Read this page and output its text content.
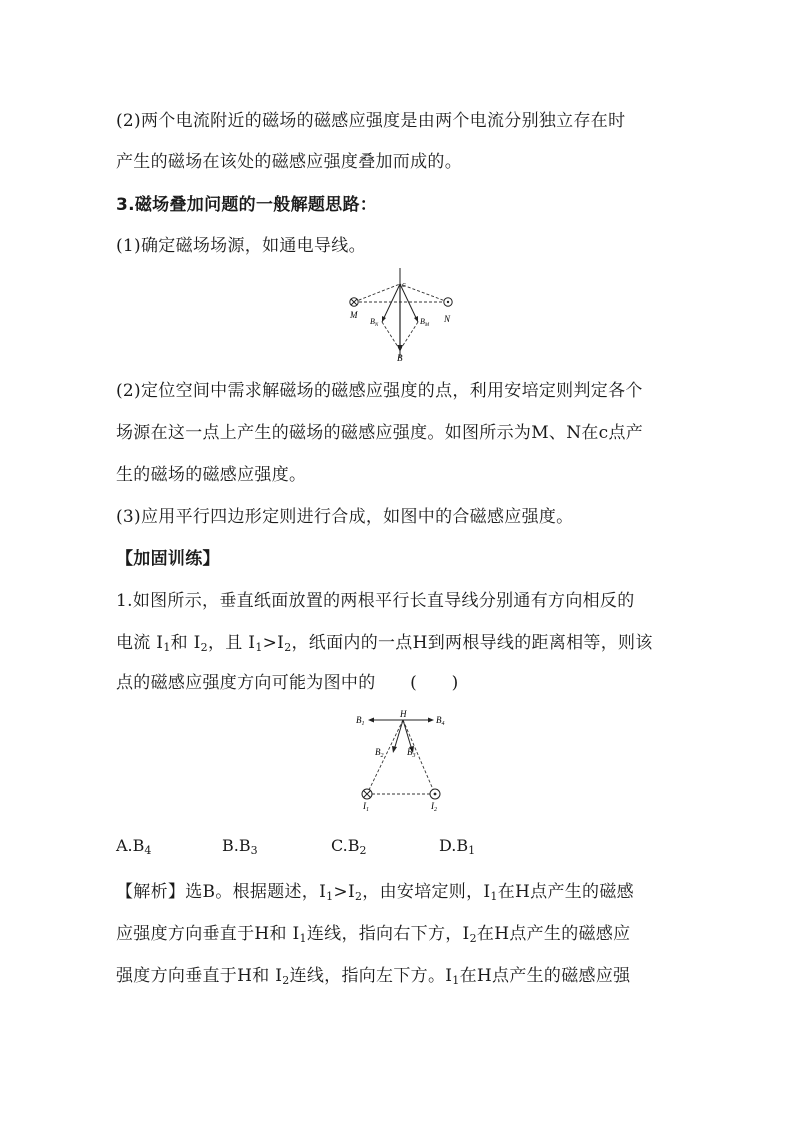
(2)两个电流附近的磁场的磁感应强度是由两个电流分别独立存在时
产生的磁场在该处的磁感应强度叠加而成的。
3.磁场叠加问题的一般解题思路：
(1)确定磁场场源，如通电导线。
c
M	N
B
$B_N$	$B_M$
(2)定位空间中需求解磁场的磁感应强度的点，利用安培定则判定各个
场源在这一点上产生的磁场的磁感应强度。如图所示为M、N在c点产
生的磁场的磁感应强度。
(3)应用平行四边形定则进行合成，如图中的合磁感应强度。
【加固训练】
1.如图所示，垂直纸面放置的两根平行长直导线分别通有方向相反的
电流 $I_1$和 $I_2$，且 $I_1>I_2$，纸面内的一点H到两根导线的距离相等，则该
点的磁感应强度方向可能为图中的　　(　　)
H
$B_1$	$B_4$
$B_2$	$B_3$
$I_1$	$I_2$
$A.B_4$	$B.B_3$	$C.B_2$	$D.B_1$
【解析】选B。根据题述，$I_1>I_2$，由安培定则，$I_1$在H点产生的磁感
应强度方向垂直于H和 $I_1$连线，指向右下方，$I_2$在H点产生的磁感应
强度方向垂直于H和 $I_2$连线，指向左下方。$I_1$在H点产生的磁感应强
